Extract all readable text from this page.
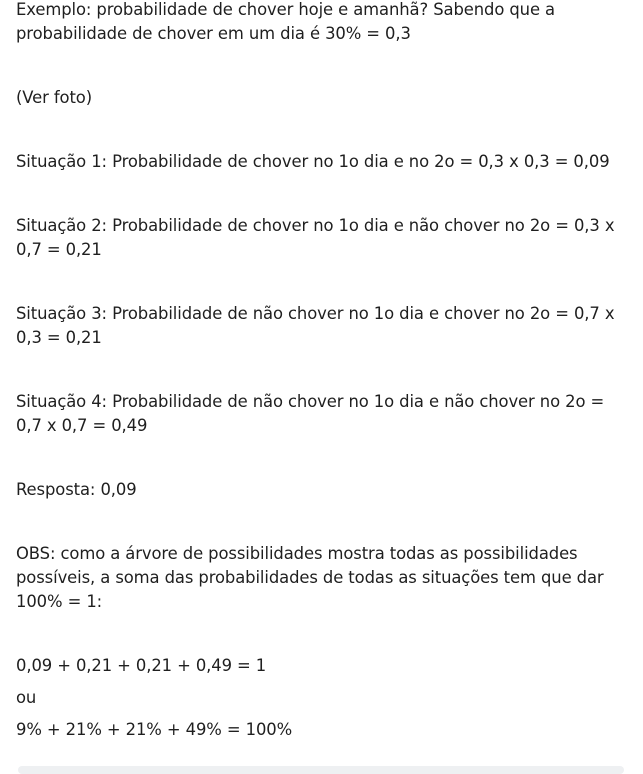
Exemplo: probabilidade de chover hoje e amanhã? Sabendo que a probabilidade de chover em um dia é 30% = 0,3

(Ver foto)

Situação 1: Probabilidade de chover no 1o dia e no 2o = 0,3 x 0,3 = 0,09

Situação 2: Probabilidade de chover no 1o dia e não chover no 2o = 0,3 x 0,7 = 0,21

Situação 3: Probabilidade de não chover no 1o dia e chover no 2o = 0,7 x 0,3 = 0,21

Situação 4: Probabilidade de não chover no 1o dia e não chover no 2o = 0,7 x 0,7 = 0,49

Resposta: 0,09

OBS: como a árvore de possibilidades mostra todas as possibilidades possíveis, a soma das probabilidades de todas as situações tem que dar 100% = 1:

0,09 + 0,21 + 0,21 + 0,49 = 1

ou

9% + 21% + 21% + 49% = 100%
